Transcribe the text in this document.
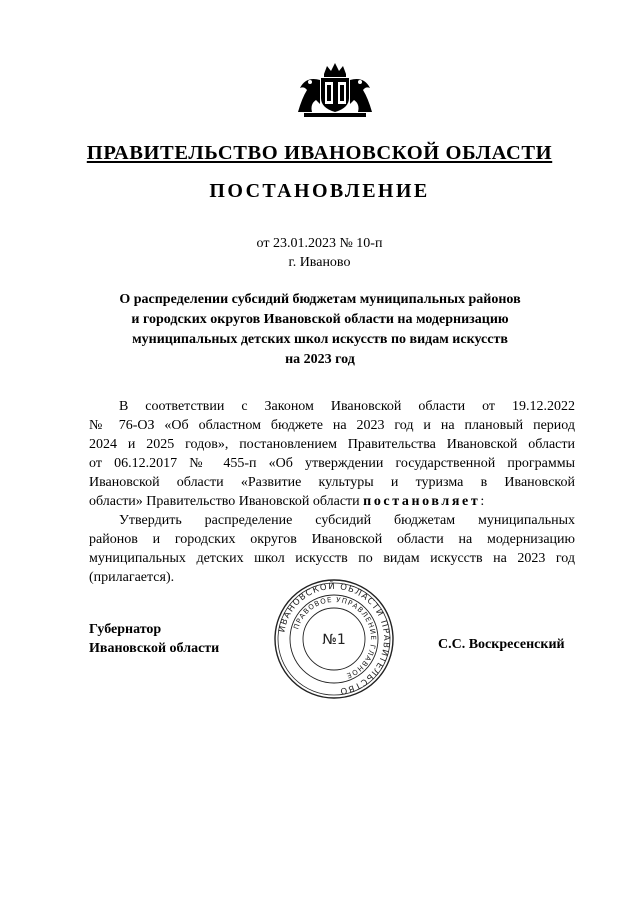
ПРАВИТЕЛЬСТВО ИВАНОВСКОЙ ОБЛАСТИ
ПОСТАНОВЛЕНИЕ
от 23.01.2023 № 10-п
г. Иваново
О распределении субсидий бюджетам муниципальных районов
и городских округов Ивановской области на модернизацию
муниципальных детских школ искусств по видам искусств
на 2023 год
В соответствии с Законом Ивановской области от 19.12.2022
№ 76-ОЗ «Об областном бюджете на 2023 год и на плановый период
2024 и 2025 годов», постановлением Правительства Ивановской области
от 06.12.2017 № 455-п «Об утверждении государственной программы
Ивановской области «Развитие культуры и туризма в Ивановской
области» Правительство Ивановской области постановляет:
Утвердить распределение субсидий бюджетам муниципальных
районов и городских округов Ивановской области на модернизацию
муниципальных детских школ искусств по видам искусств на 2023 год
(прилагается).
Губернатор
Ивановской области	С.С. Воскресенский
ИВАНОВСКОЙ ОБЛАСТИ ПРАВИТЕЛЬСТВО
ПРАВОВОЕ УПРАВЛЕНИЕ ГЛАВНОЕ
№1
